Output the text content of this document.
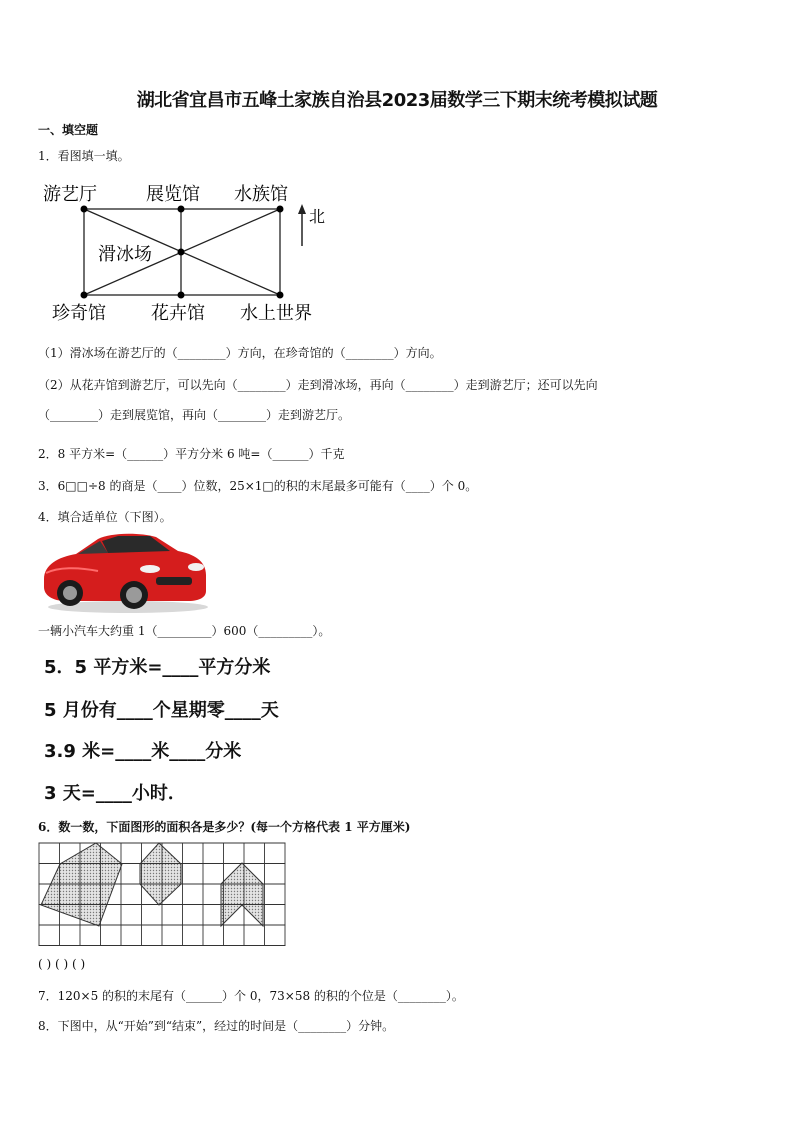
湖北省宜昌市五峰土家族自治县2023届数学三下期末统考模拟试题
一、填空题
1．看图填一填。
游艺厅	展览馆 水族馆
滑冰场
珍奇馆	花卉馆 水上世界
北
（1）滑冰场在游艺厅的（________）方向，在珍奇馆的（________）方向。
（2）从花卉馆到游艺厅，可以先向（________）走到滑冰场，再向（________）走到游艺厅；还可以先向
（________）走到展览馆，再向（________）走到游艺厅。
2．8 平方米=（______）平方分米 6 吨=（______）千克
3．6□□÷8 的商是（____）位数，25×1□的积的末尾最多可能有（____）个 0。
4．填合适单位（下图）。
一辆小汽车大约重 1（_________）600（_________）。
5．5 平方米=____平方分米
5 月份有____个星期零____天
3.9 米=____米____分米
3 天=____小时．
6．数一数，下面图形的面积各是多少？(每一个方格代表 1 平方厘米)
( ) ( ) ( )
7．120×5 的积的末尾有（______）个 0，73×58 的积的个位是（________）。
8．下图中，从“开始”到“结束”，经过的时间是（________）分钟。
